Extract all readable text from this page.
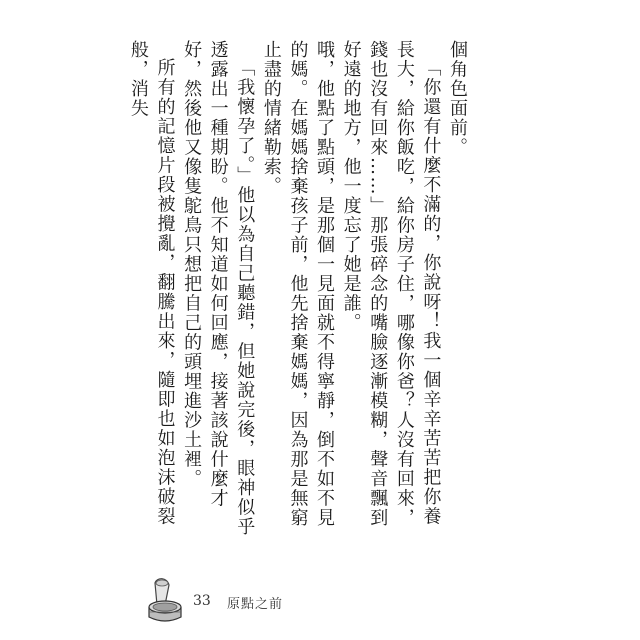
個角色面前。

「你還有什麼不滿的，你說呀！我一個辛辛苦苦把你養長大，給你飯吃，給你房子住，哪像你爸？人沒有回來，錢也沒有回來……」那張碎念的嘴臉逐漸模糊，聲音飄到好遠的地方，他一度忘了她是誰。

哦，他點了點頭，是那個一見面就不得寧靜，倒不如不見的媽。在媽媽捨棄孩子前，他先捨棄媽媽，因為那是無窮止盡的情緒勒索。

「我懷孕了。」他以為自己聽錯，但她說完後，眼神似乎透露出一種期盼。他不知道如何回應，接著該說什麼才好，然後他又像隻鴕鳥只想把自己的頭埋進沙土裡。

所有的記憶片段被攪亂，翻騰出來，隨即也如泡沫破裂般，消失

33 原點之前
